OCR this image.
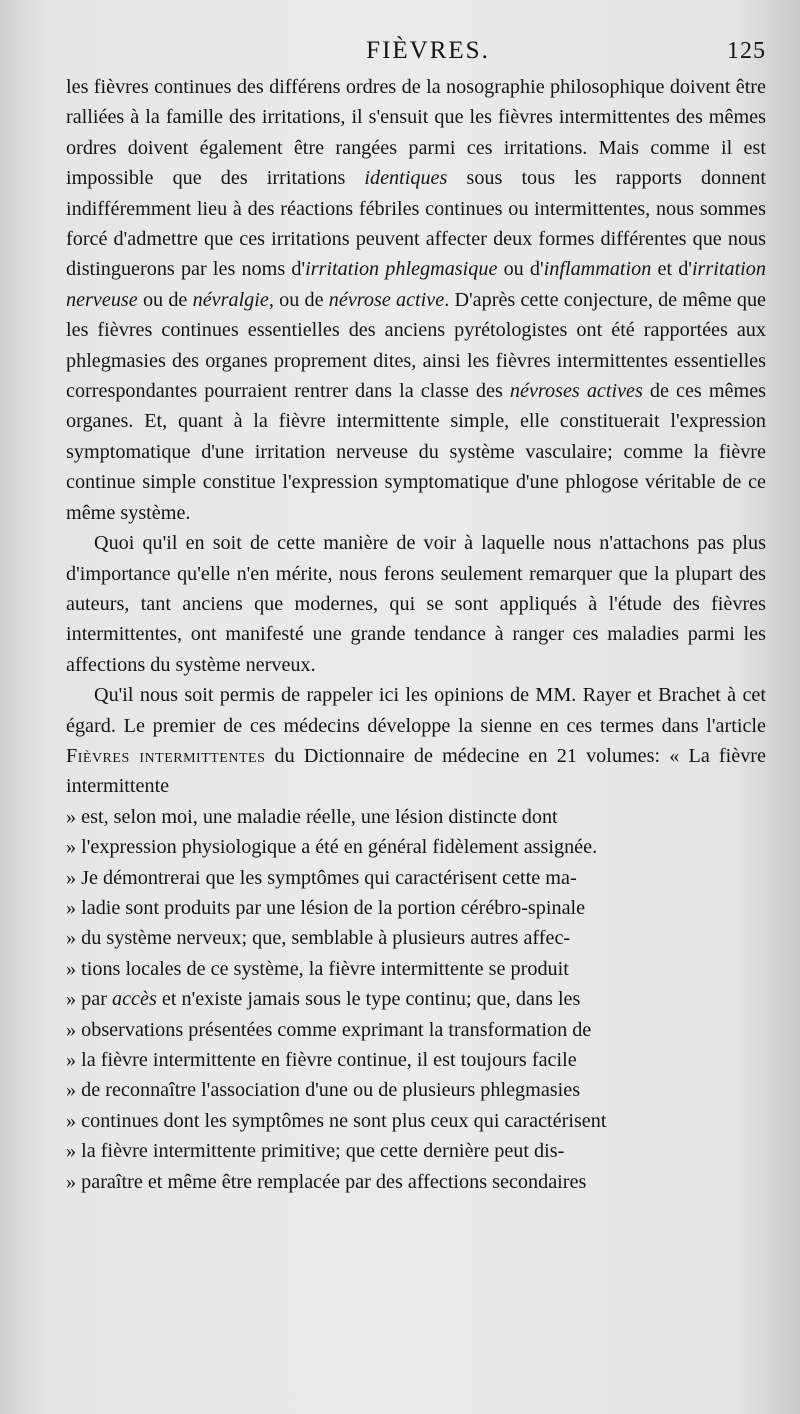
FIÈVRES.	125

les fièvres continues des différens ordres de la nosographie philosophique doivent être ralliées à la famille des irritations, il s'ensuit que les fièvres intermittentes des mêmes ordres doivent également être rangées parmi ces irritations. Mais comme il est impossible que des irritations identiques sous tous les rapports donnent indifféremment lieu à des réactions fébriles continues ou intermittentes, nous sommes forcé d'admettre que ces irritations peuvent affecter deux formes différentes que nous distinguerons par les noms d'irritation phlegmasique ou d'inflammation et d'irritation nerveuse ou de névralgie, ou de névrose active. D'après cette conjecture, de même que les fièvres continues essentielles des anciens pyrétologistes ont été rapportées aux phlegmasies des organes proprement dites, ainsi les fièvres intermittentes essentielles correspondantes pourraient rentrer dans la classe des névroses actives de ces mêmes organes. Et, quant à la fièvre intermittente simple, elle constituerait l'expression symptomatique d'une irritation nerveuse du système vasculaire; comme la fièvre continue simple constitue l'expression symptomatique d'une phlogose véritable de ce même système.

Quoi qu'il en soit de cette manière de voir à laquelle nous n'attachons pas plus d'importance qu'elle n'en mérite, nous ferons seulement remarquer que la plupart des auteurs, tant anciens que modernes, qui se sont appliqués à l'étude des fièvres intermittentes, ont manifesté une grande tendance à ranger ces maladies parmi les affections du système nerveux.

Qu'il nous soit permis de rappeler ici les opinions de MM. Rayer et Brachet à cet égard. Le premier de ces médecins développe la sienne en ces termes dans l'article Fièvres intermittentes du Dictionnaire de médecine en 21 volumes: « La fièvre intermittente

» est, selon moi, une maladie réelle, une lésion distincte dont
» l'expression physiologique a été en général fidèlement assignée.
» Je démontrerai que les symptômes qui caractérisent cette ma-
» ladie sont produits par une lésion de la portion cérébro-spinale
» du système nerveux; que, semblable à plusieurs autres affec-
» tions locales de ce système, la fièvre intermittente se produit
» par accès et n'existe jamais sous le type continu; que, dans les
» observations présentées comme exprimant la transformation de
» la fièvre intermittente en fièvre continue, il est toujours facile
» de reconnaître l'association d'une ou de plusieurs phlegmasies
» continues dont les symptômes ne sont plus ceux qui caractérisent
» la fièvre intermittente primitive; que cette dernière peut dis-
» paraître et même être remplacée par des affections secondaires
